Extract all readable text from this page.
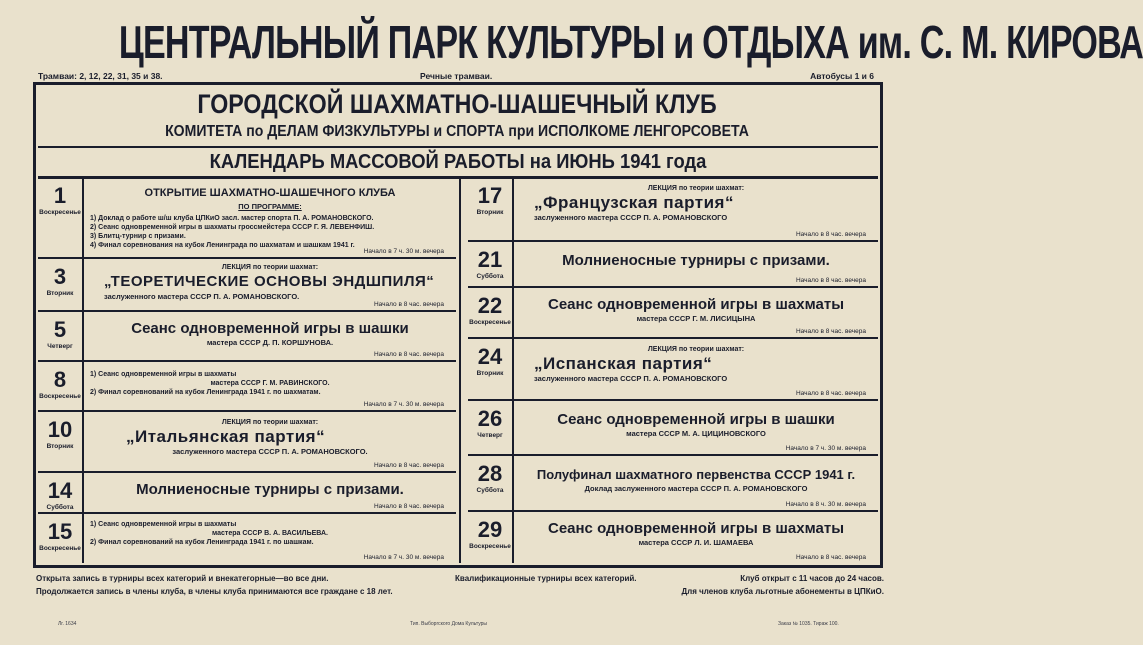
ЦЕНТРАЛЬНЫЙ ПАРК КУЛЬТУРЫ и ОТДЫХА им. С. М. КИРОВА
Трамваи: 2, 12, 22, 31, 35 и 38.	Речные трамваи.	Автобусы 1 и 6
ГОРОДСКОЙ ШАХМАТНО-ШАШЕЧНЫЙ КЛУБ
КОМИТЕТА по ДЕЛАМ ФИЗКУЛЬТУРЫ и СПОРТА при ИСПОЛКОМЕ ЛЕНГОРСОВЕТА
КАЛЕНДАРЬ МАССОВОЙ РАБОТЫ на ИЮНЬ 1941 года
1
Воскресенье
ОТКРЫТИЕ ШАХМАТНО-ШАШЕЧНОГО КЛУБА
ПО ПРОГРАММЕ:
1) Доклад о работе ш/ш клуба ЦПКиО засл. мастер спорта П. А. РОМАНОВСКОГО.
2) Сеанс одновременной игры в шахматы гроссмейстера СССР Г. Я. ЛЕВЕНФИШ.
3) Блитц-турнир с призами.
4) Финал соревнования на кубок Ленинграда по шахматам и шашкам 1941 г.
Начало в 7 ч. 30 м. вечера
3
Вторник
ЛЕКЦИЯ по теории шахмат:
„ТЕОРЕТИЧЕСКИЕ ОСНОВЫ ЭНДШПИЛЯ“
заслуженного мастера СССР П. А. РОМАНОВСКОГО.
Начало в 8 час. вечера
5
Четверг
Сеанс одновременной игры в шашки
мастера СССР Д. П. КОРШУНОВА.
Начало в 8 час. вечера
8
Воскресенье
1) Сеанс одновременной игры в шахматы
мастера СССР Г. М. РАВИНСКОГО.
2) Финал соревнований на кубок Ленинграда 1941 г. по шахматам.
Начало в 7 ч. 30 м. вечера
10
Вторник
ЛЕКЦИЯ по теории шахмат:
„Итальянская партия“
заслуженного мастера СССР П. А. РОМАНОВСКОГО.
Начало в 8 час. вечера
14
Суббота
Молниеносные турниры с призами.
Начало в 8 час. вечера
15
Воскресенье
1) Сеанс одновременной игры в шахматы
мастера СССР В. А. ВАСИЛЬЕВА.
2) Финал соревнований на кубок Ленинграда 1941 г. по шашкам.
Начало в 7 ч. 30 м. вечера
17
Вторник
ЛЕКЦИЯ по теории шахмат:
„Французская партия“
заслуженного мастера СССР П. А. РОМАНОВСКОГО
Начало в 8 час. вечера
21
Суббота
Молниеносные турниры с призами.
Начало в 8 час. вечера
22
Воскресенье
Сеанс одновременной игры в шахматы
мастера СССР Г. М. ЛИСИЦЫНА
Начало в 8 час. вечера
24
Вторник
ЛЕКЦИЯ по теории шахмат:
„Испанская партия“
заслуженного мастера СССР П. А. РОМАНОВСКОГО
Начало в 8 час. вечера
26
Четверг
Сеанс одновременной игры в шашки
мастера СССР М. А. ЦИЦИНОВСКОГО
Начало в 7 ч. 30 м. вечера
28
Суббота
Полуфинал шахматного первенства СССР 1941 г.
Доклад заслуженного мастера СССР П. А. РОМАНОВСКОГО
Начало в 8 ч. 30 м. вечера
29
Воскресенье
Сеанс одновременной игры в шахматы
мастера СССР Л. И. ШАМАЕВА
Начало в 8 час. вечера
Открыта запись в турниры всех категорий и внекатегорные—во все дни.	Квалификационные турниры всех категорий.	Клуб открыт с 11 часов до 24 часов.
Продолжается запись в члены клуба, в члены клуба принимаются все граждане с 18 лет.	Для членов клуба льготные абонементы в ЦПКиО.
Лг. 1634	Тип. Выборгского Дома Культуры	Заказ № 1035. Тираж 100.
